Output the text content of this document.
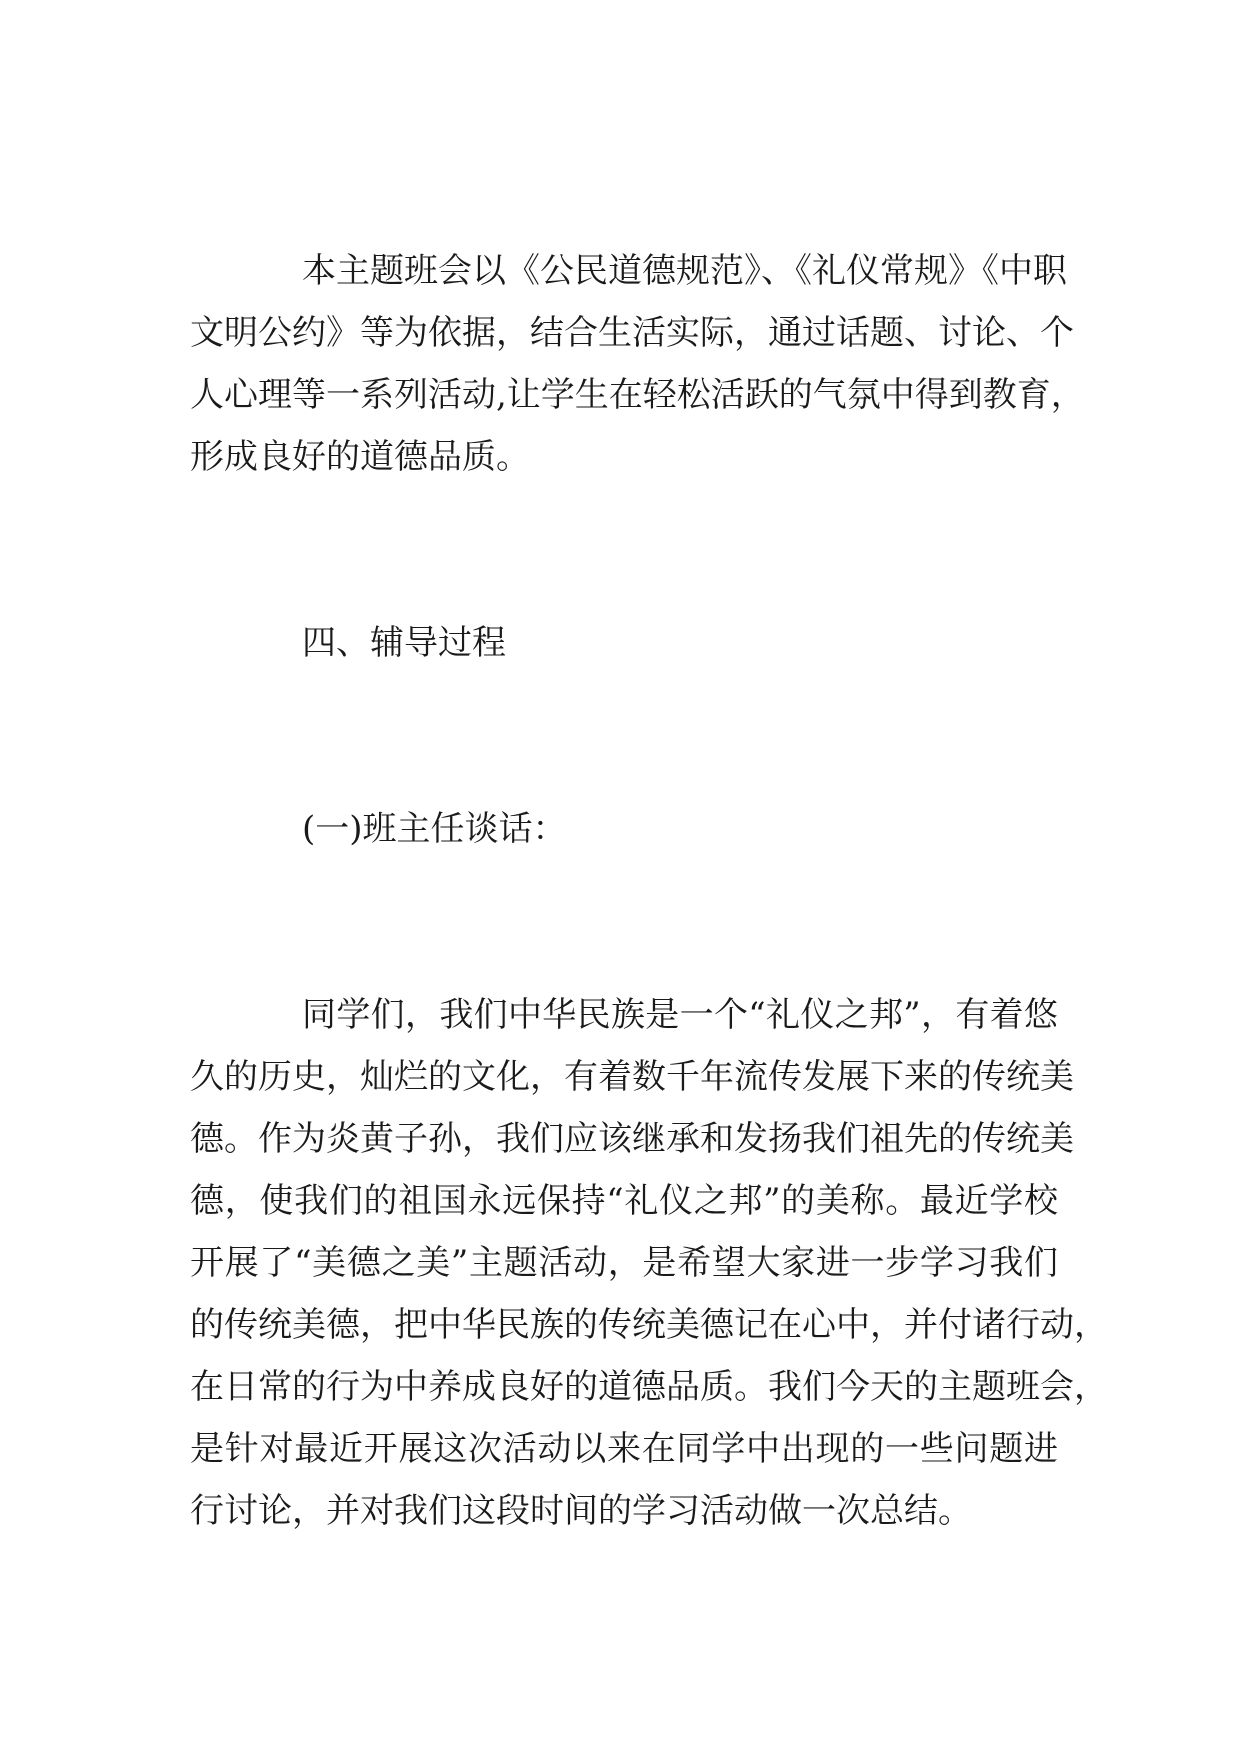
本主题班会以《公民道德规范》、《礼仪常规》《中职

文明公约》等为依据，结合生活实际，通过话题、讨论、个

人心理等一系列活动,让学生在轻松活跃的气氛中得到教育，

形成良好的道德品质。

四、辅导过程

(一)班主任谈话：

同学们，我们中华民族是一个“礼仪之邦”，有着悠

久的历史，灿烂的文化，有着数千年流传发展下来的传统美

德。作为炎黄子孙，我们应该继承和发扬我们祖先的传统美

德，使我们的祖国永远保持“礼仪之邦”的美称。最近学校

开展了“美德之美”主题活动，是希望大家进一步学习我们

的传统美德，把中华民族的传统美德记在心中，并付诸行动，

在日常的行为中养成良好的道德品质。我们今天的主题班会，

是针对最近开展这次活动以来在同学中出现的一些问题进

行讨论，并对我们这段时间的学习活动做一次总结。
